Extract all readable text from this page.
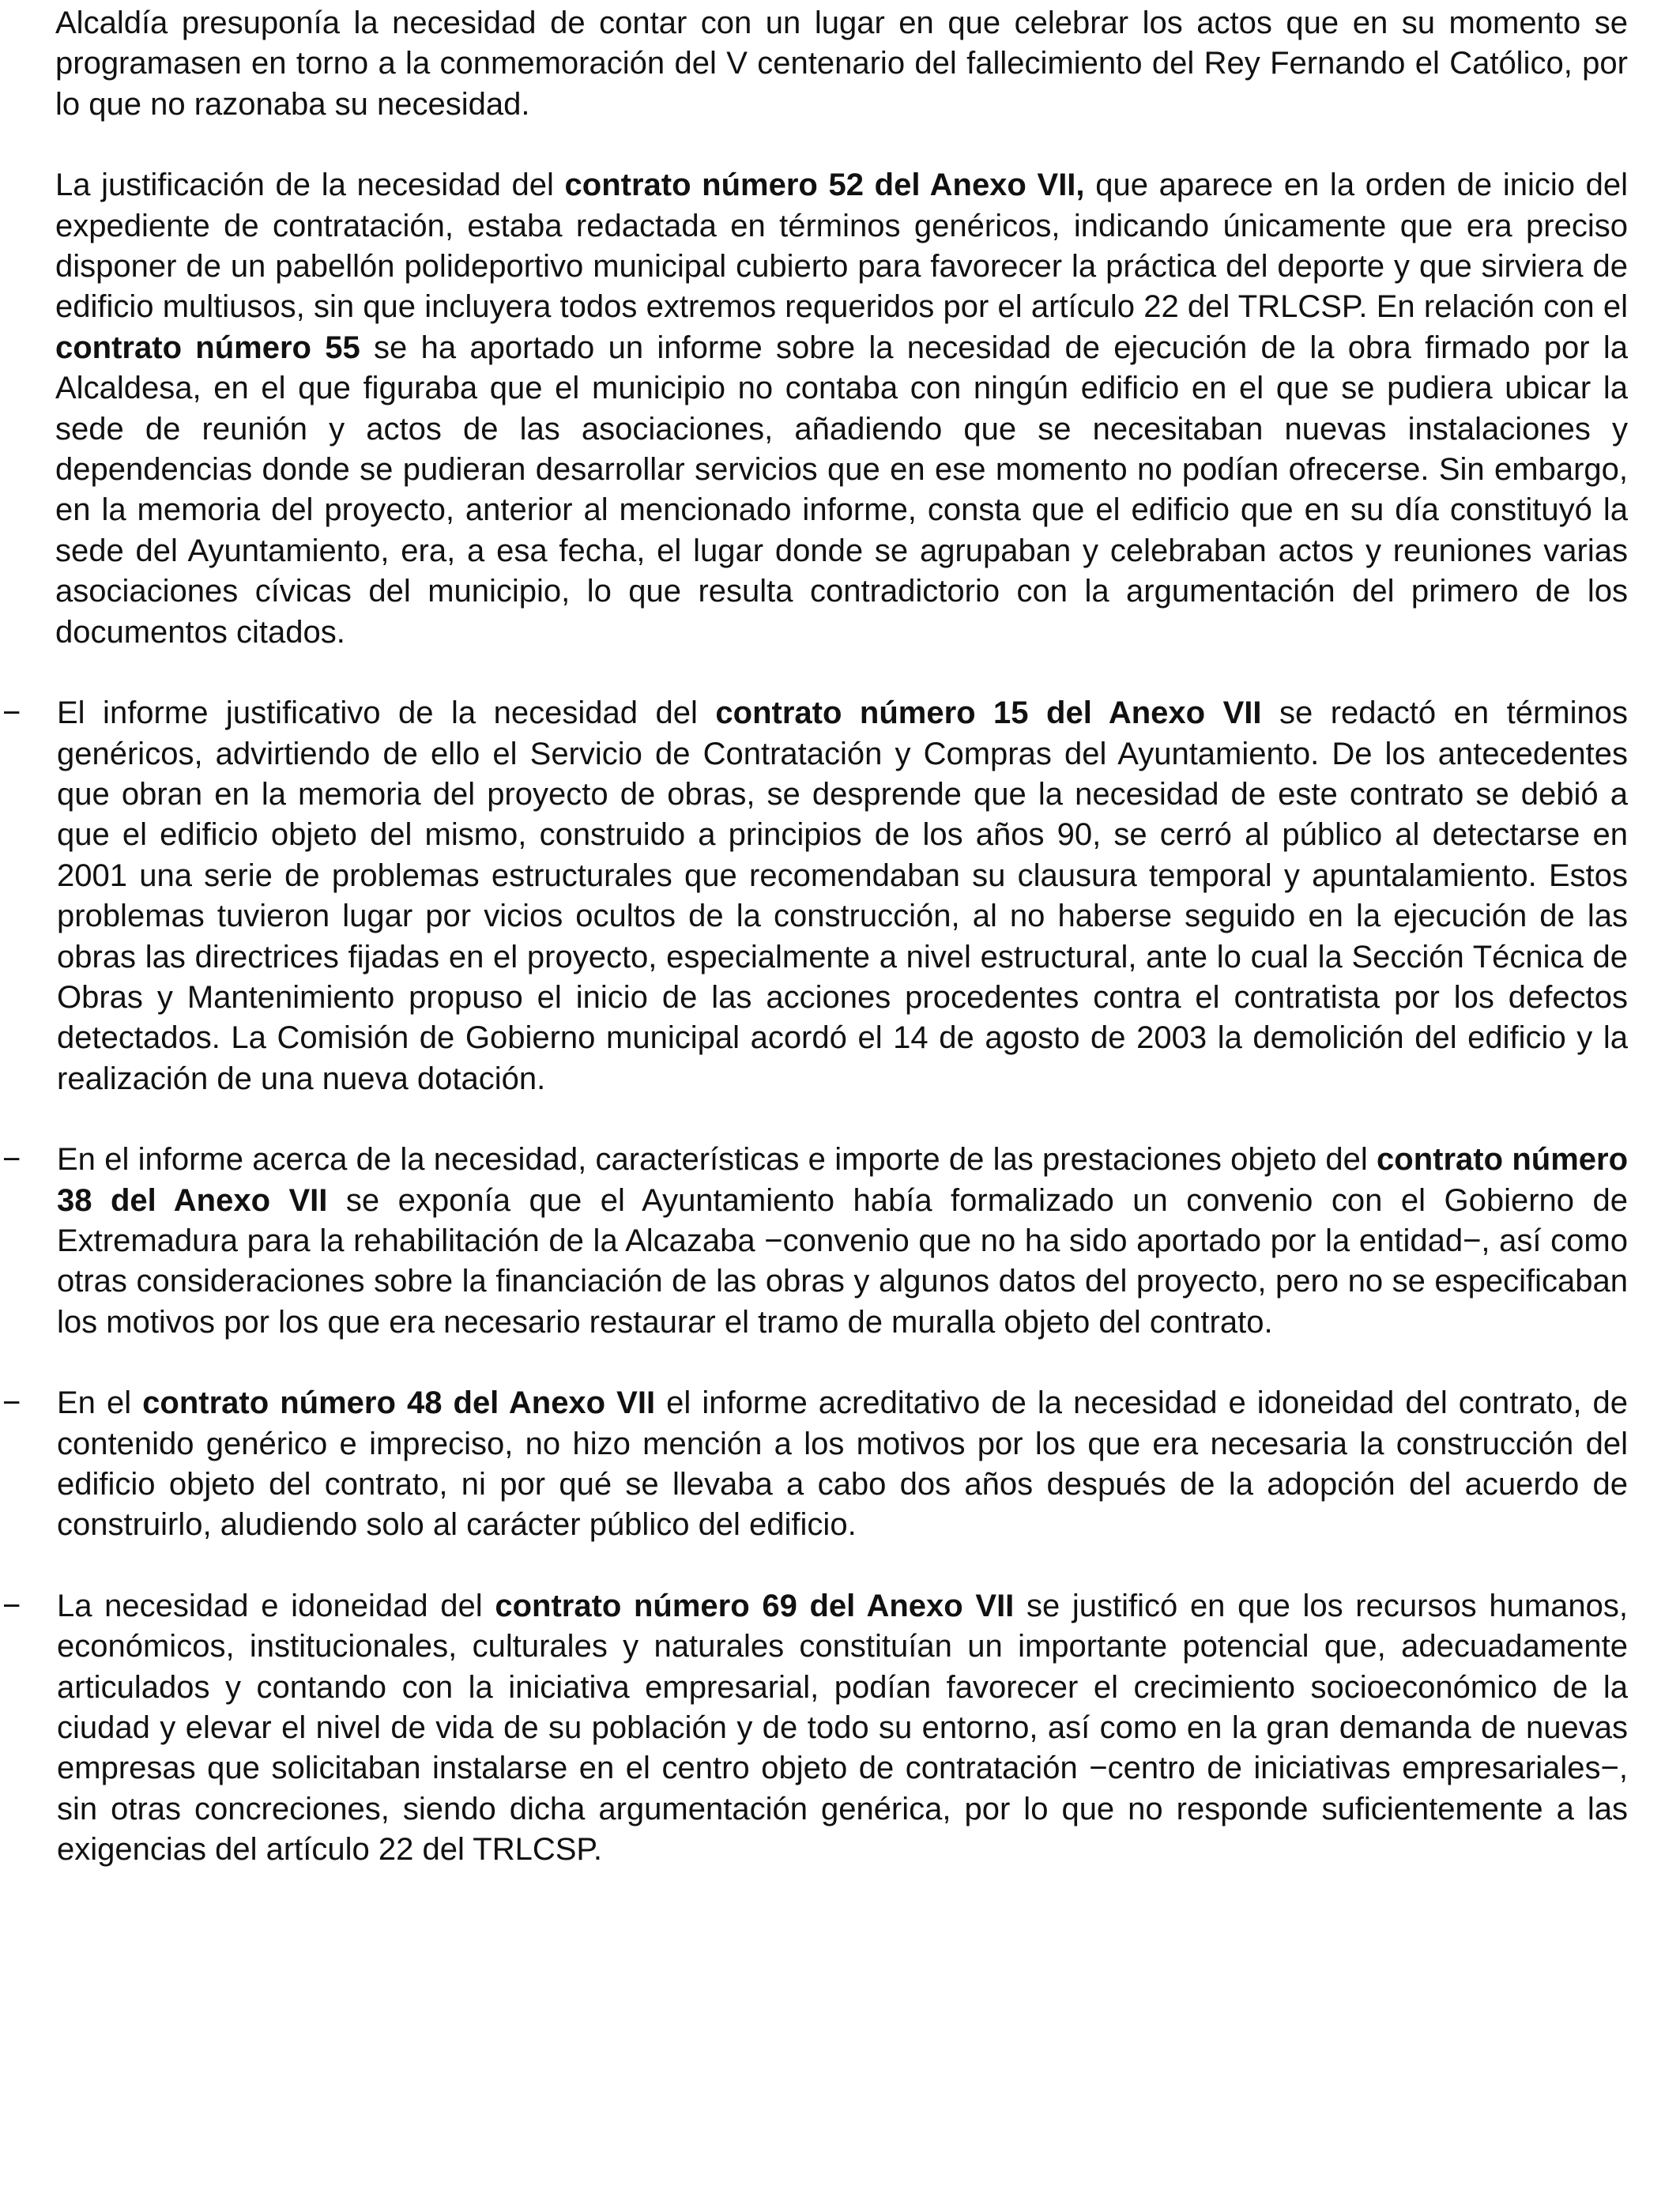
Alcaldía presuponía la necesidad de contar con un lugar en que celebrar los actos que en su momento se programasen en torno a la conmemoración del V centenario del fallecimiento del Rey Fernando el Católico, por lo que no razonaba su necesidad.

La justificación de la necesidad del contrato número 52 del Anexo VII, que aparece en la orden de inicio del expediente de contratación, estaba redactada en términos genéricos, indicando únicamente que era preciso disponer de un pabellón polideportivo municipal cubierto para favorecer la práctica del deporte y que sirviera de edificio multiusos, sin que incluyera todos extremos requeridos por el artículo 22 del TRLCSP. En relación con el contrato número 55 se ha aportado un informe sobre la necesidad de ejecución de la obra firmado por la Alcaldesa, en el que figuraba que el municipio no contaba con ningún edificio en el que se pudiera ubicar la sede de reunión y actos de las asociaciones, añadiendo que se necesitaban nuevas instalaciones y dependencias donde se pudieran desarrollar servicios que en ese momento no podían ofrecerse. Sin embargo, en la memoria del proyecto, anterior al mencionado informe, consta que el edificio que en su día constituyó la sede del Ayuntamiento, era, a esa fecha, el lugar donde se agrupaban y celebraban actos y reuniones varias asociaciones cívicas del municipio, lo que resulta contradictorio con la argumentación del primero de los documentos citados.

−	El informe justificativo de la necesidad del contrato número 15 del Anexo VII se redactó en términos genéricos, advirtiendo de ello el Servicio de Contratación y Compras del Ayuntamiento. De los antecedentes que obran en la memoria del proyecto de obras, se desprende que la necesidad de este contrato se debió a que el edificio objeto del mismo, construido a principios de los años 90, se cerró al público al detectarse en 2001 una serie de problemas estructurales que recomendaban su clausura temporal y apuntalamiento. Estos problemas tuvieron lugar por vicios ocultos de la construcción, al no haberse seguido en la ejecución de las obras las directrices fijadas en el proyecto, especialmente a nivel estructural, ante lo cual la Sección Técnica de Obras y Mantenimiento propuso el inicio de las acciones procedentes contra el contratista por los defectos detectados. La Comisión de Gobierno municipal acordó el 14 de agosto de 2003 la demolición del edificio y la realización de una nueva dotación.

−	En el informe acerca de la necesidad, características e importe de las prestaciones objeto del contrato número 38 del Anexo VII se exponía que el Ayuntamiento había formalizado un convenio con el Gobierno de Extremadura para la rehabilitación de la Alcazaba −convenio que no ha sido aportado por la entidad−, así como otras consideraciones sobre la financiación de las obras y algunos datos del proyecto, pero no se especificaban los motivos por los que era necesario restaurar el tramo de muralla objeto del contrato.

−	En el contrato número 48 del Anexo VII el informe acreditativo de la necesidad e idoneidad del contrato, de contenido genérico e impreciso, no hizo mención a los motivos por los que era necesaria la construcción del edificio objeto del contrato, ni por qué se llevaba a cabo dos años después de la adopción del acuerdo de construirlo, aludiendo solo al carácter público del edificio.

−	La necesidad e idoneidad del contrato número 69 del Anexo VII se justificó en que los recursos humanos, económicos, institucionales, culturales y naturales constituían un importante potencial que, adecuadamente articulados y contando con la iniciativa empresarial, podían favorecer el crecimiento socioeconómico de la ciudad y elevar el nivel de vida de su población y de todo su entorno, así como en la gran demanda de nuevas empresas que solicitaban instalarse en el centro objeto de contratación −centro de iniciativas empresariales−, sin otras concreciones, siendo dicha argumentación genérica, por lo que no responde suficientemente a las exigencias del artículo 22 del TRLCSP.
